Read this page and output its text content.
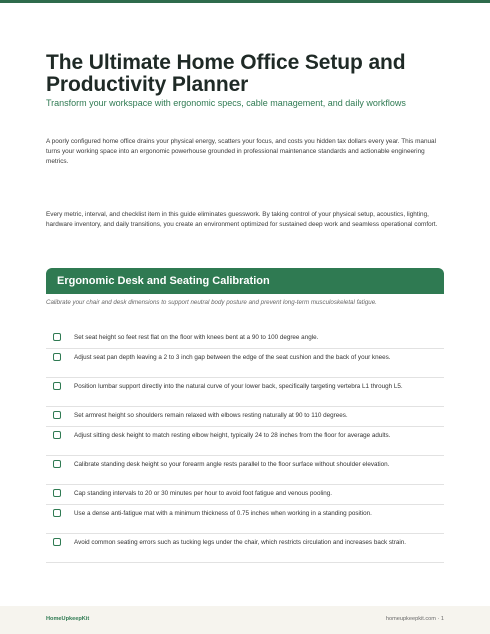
The Ultimate Home Office Setup and Productivity Planner
Transform your workspace with ergonomic specs, cable management, and daily workflows

A poorly configured home office drains your physical energy, scatters your focus, and costs you hidden tax dollars every year. This manual turns your working space into an ergonomic powerhouse grounded in professional maintenance standards and actionable engineering metrics.

Every metric, interval, and checklist item in this guide eliminates guesswork. By taking control of your physical setup, acoustics, lighting, hardware inventory, and daily transitions, you create an environment optimized for sustained deep work and seamless operational comfort.

Ergonomic Desk and Seating Calibration

Calibrate your chair and desk dimensions to support neutral body posture and prevent long-term musculoskeletal fatigue.

Set seat height so feet rest flat on the floor with knees bent at a 90 to 100 degree angle.
Adjust seat pan depth leaving a 2 to 3 inch gap between the edge of the seat cushion and the back of your knees.
Position lumbar support directly into the natural curve of your lower back, specifically targeting vertebra L1 through L5.
Set armrest height so shoulders remain relaxed with elbows resting naturally at 90 to 110 degrees.
Adjust sitting desk height to match resting elbow height, typically 24 to 28 inches from the floor for average adults.
Calibrate standing desk height so your forearm angle rests parallel to the floor surface without shoulder elevation.
Cap standing intervals to 20 or 30 minutes per hour to avoid foot fatigue and venous pooling.
Use a dense anti-fatigue mat with a minimum thickness of 0.75 inches when working in a standing position.
Avoid common seating errors such as tucking legs under the chair, which restricts circulation and increases back strain.
HomeUpkeepKit	homeupkeepkit.com · 1
